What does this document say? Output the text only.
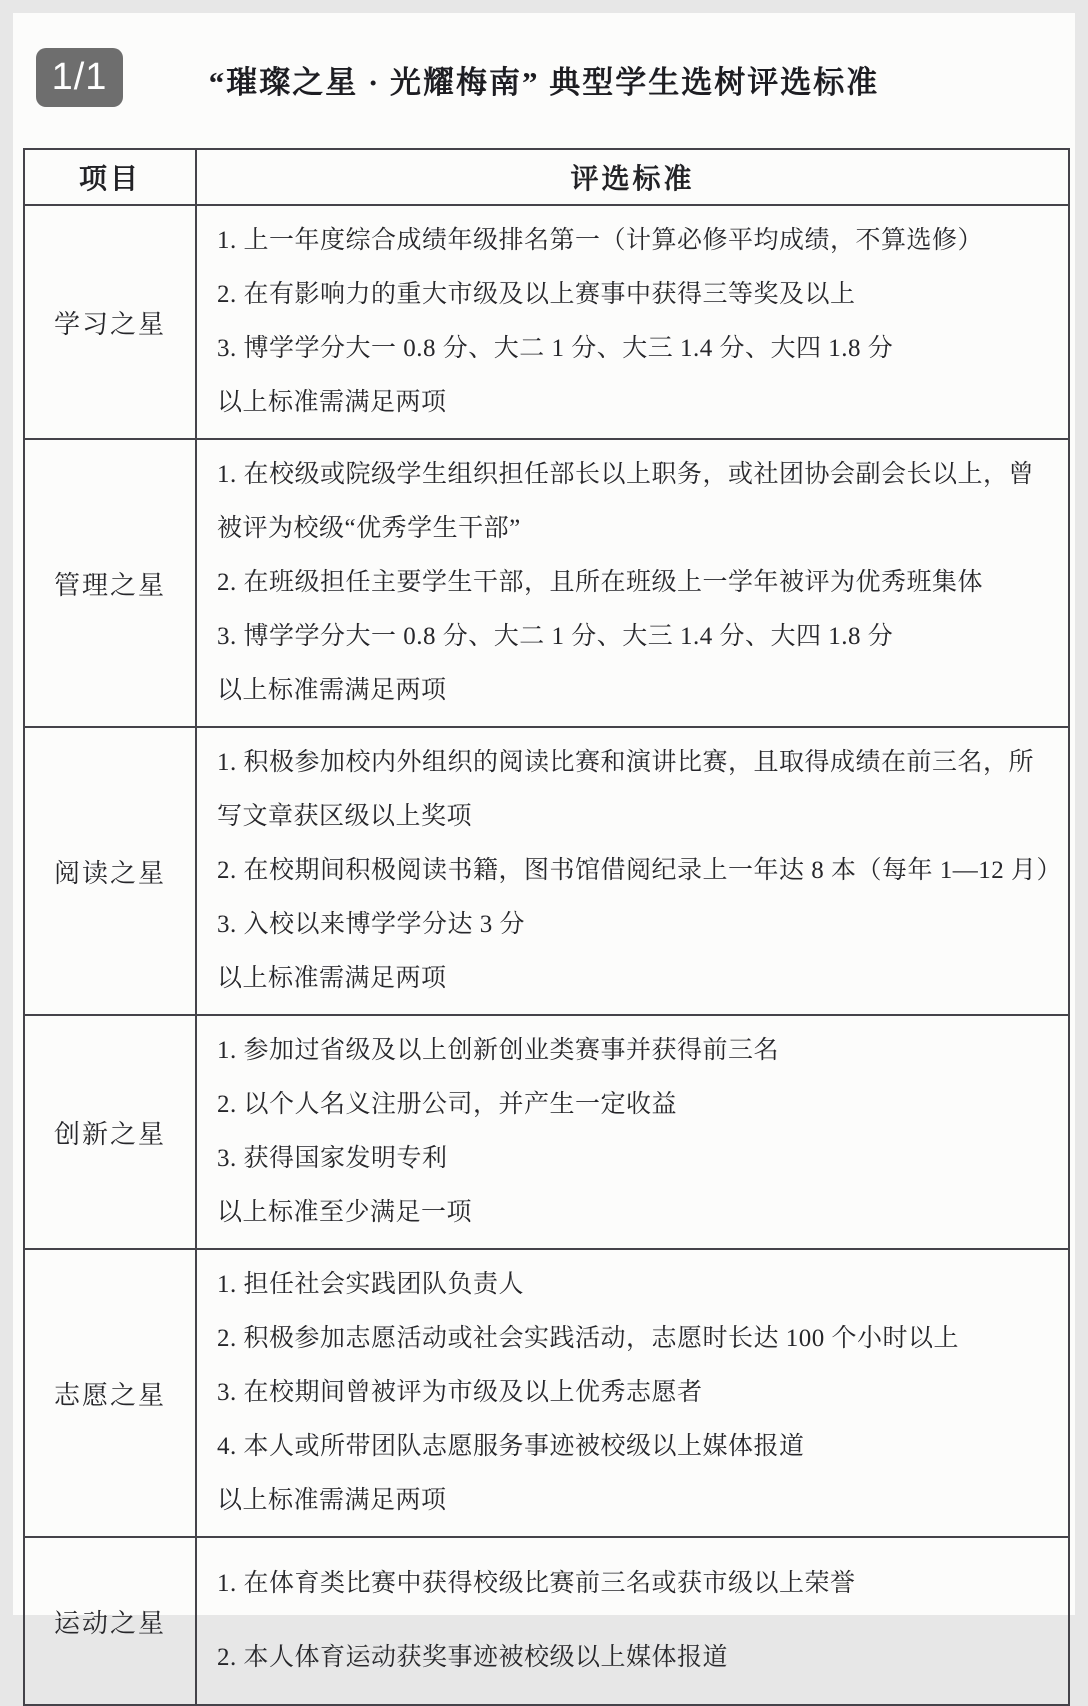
1/1	“璀璨之星 · 光耀梅南” 典型学生选树评选标准
项目	评选标准
学习之星	1. 上一年度综合成绩年级排名第一（计算必修平均成绩，不算选修）

2. 在有影响力的重大市级及以上赛事中获得三等奖及以上

3. 博学学分大一 0.8 分、大二 1 分、大三 1.4 分、大四 1.8 分

以上标准需满足两项

管理之星	1. 在校级或院级学生组织担任部长以上职务，或社团协会副会长以上，曾被评为校级“优秀学生干部”

2. 在班级担任主要学生干部，且所在班级上一学年被评为优秀班集体

3. 博学学分大一 0.8 分、大二 1 分、大三 1.4 分、大四 1.8 分

以上标准需满足两项

阅读之星	1. 积极参加校内外组织的阅读比赛和演讲比赛，且取得成绩在前三名，所写文章获区级以上奖项

2. 在校期间积极阅读书籍，图书馆借阅纪录上一年达 8 本（每年 1—12 月）

3. 入校以来博学学分达 3 分

以上标准需满足两项

创新之星	1. 参加过省级及以上创新创业类赛事并获得前三名

2. 以个人名义注册公司，并产生一定收益

3. 获得国家发明专利

以上标准至少满足一项

志愿之星	1. 担任社会实践团队负责人

2. 积极参加志愿活动或社会实践活动，志愿时长达 100 个小时以上

3. 在校期间曾被评为市级及以上优秀志愿者

4. 本人或所带团队志愿服务事迹被校级以上媒体报道

以上标准需满足两项

运动之星	1. 在体育类比赛中获得校级比赛前三名或获市级以上荣誉

2. 本人体育运动获奖事迹被校级以上媒体报道
